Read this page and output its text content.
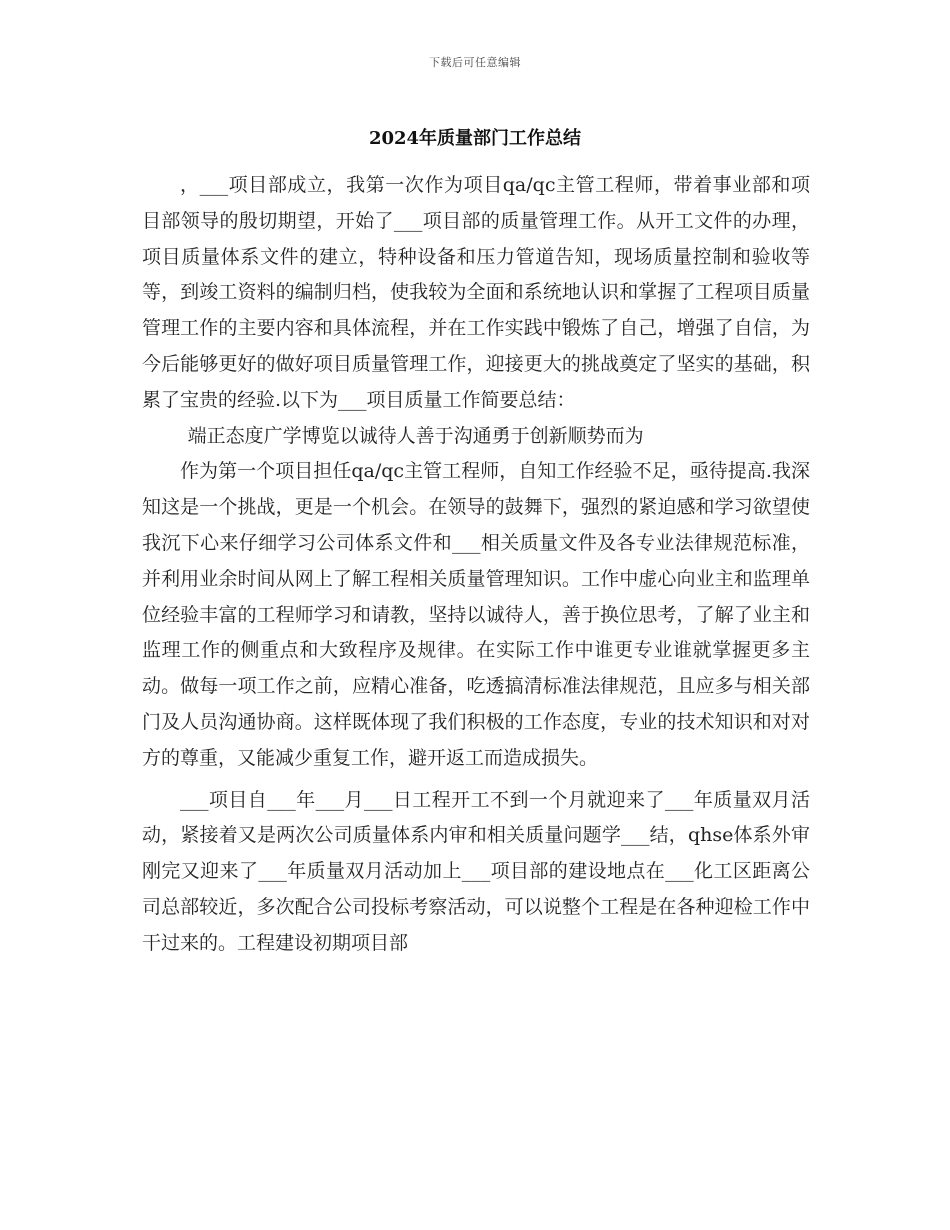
下载后可任意编辑
2024年质量部门工作总结

，___项目部成立，我第一次作为项目qa/qc主管工程师，带着事业部和项目部领导的殷切期望，开始了___项目部的质量管理工作。从开工文件的办理，项目质量体系文件的建立，特种设备和压力管道告知，现场质量控制和验收等等，到竣工资料的编制归档，使我较为全面和系统地认识和掌握了工程项目质量管理工作的主要内容和具体流程，并在工作实践中锻炼了自己，增强了自信，为今后能够更好的做好项目质量管理工作，迎接更大的挑战奠定了坚实的基础，积累了宝贵的经验.以下为___项目质量工作简要总结：

端正态度广学博览以诚待人善于沟通勇于创新顺势而为

作为第一个项目担任qa/qc主管工程师，自知工作经验不足，亟待提高.我深知这是一个挑战，更是一个机会。在领导的鼓舞下，强烈的紧迫感和学习欲望使我沉下心来仔细学习公司体系文件和___相关质量文件及各专业法律规范标准，并利用业余时间从网上了解工程相关质量管理知识。工作中虚心向业主和监理单位经验丰富的工程师学习和请教，坚持以诚待人，善于换位思考，了解了业主和监理工作的侧重点和大致程序及规律。在实际工作中谁更专业谁就掌握更多主动。做每一项工作之前，应精心准备，吃透搞清标准法律规范，且应多与相关部门及人员沟通协商。这样既体现了我们积极的工作态度，专业的技术知识和对对方的尊重，又能减少重复工作，避开返工而造成损失。

___项目自___年___月___日工程开工不到一个月就迎来了___年质量双月活动，紧接着又是两次公司质量体系内审和相关质量问题学___结，qhse体系外审刚完又迎来了___年质量双月活动加上___项目部的建设地点在___化工区距离公司总部较近，多次配合公司投标考察活动，可以说整个工程是在各种迎检工作中干过来的。工程建设初期项目部
